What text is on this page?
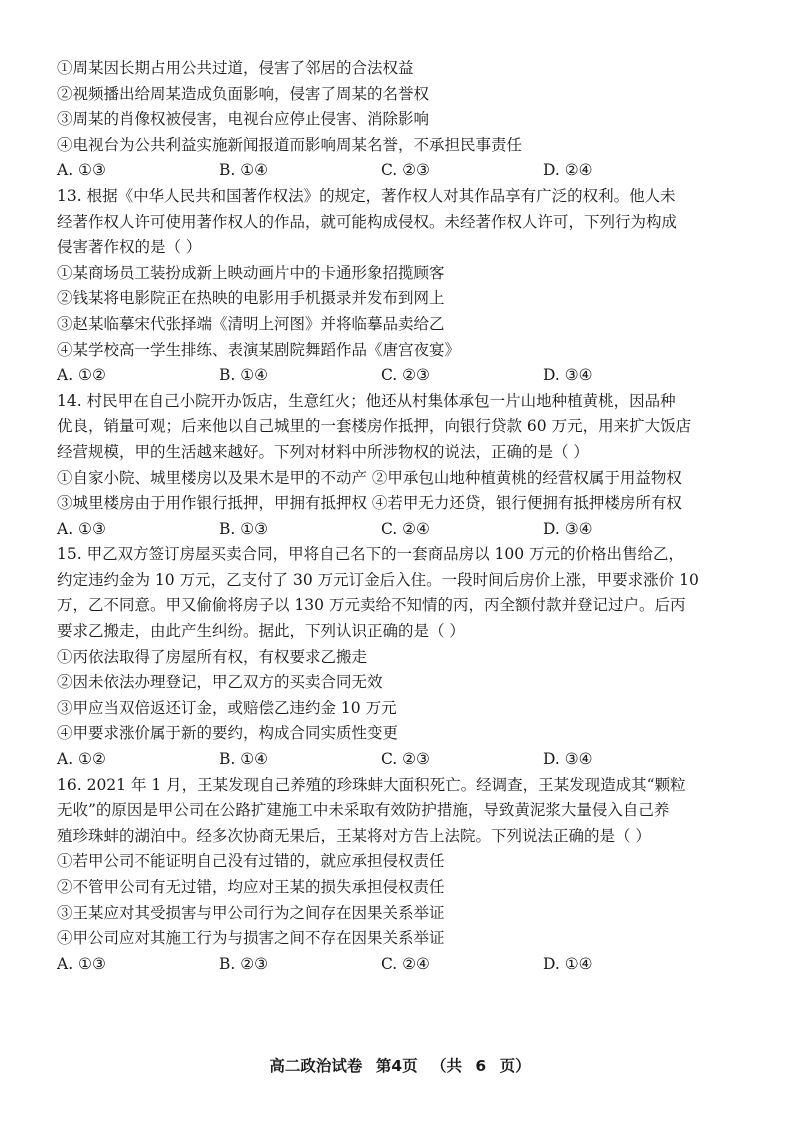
①周某因长期占用公共过道，侵害了邻居的合法权益
②视频播出给周某造成负面影响，侵害了周某的名誉权
③周某的肖像权被侵害，电视台应停止侵害、消除影响
④电视台为公共利益实施新闻报道而影响周某名誉，不承担民事责任
A. ①③	B. ①④	C. ②③	D. ②④
13. 根据《中华人民共和国著作权法》的规定，著作权人对其作品享有广泛的权利。他人未
经著作权人许可使用著作权人的作品，就可能构成侵权。未经著作权人许可，下列行为构成
侵害著作权的是（ ）
①某商场员工装扮成新上映动画片中的卡通形象招揽顾客
②钱某将电影院正在热映的电影用手机摄录并发布到网上
③赵某临摹宋代张择端《清明上河图》并将临摹品卖给乙
④某学校高一学生排练、表演某剧院舞蹈作品《唐宫夜宴》
A. ①②	B. ①④	C. ②③	D. ③④
14. 村民甲在自己小院开办饭店，生意红火；他还从村集体承包一片山地种植黄桃，因品种
优良，销量可观；后来他以自己城里的一套楼房作抵押，向银行贷款 60 万元，用来扩大饭店
经营规模，甲的生活越来越好。下列对材料中所涉物权的说法，正确的是（ ）
①自家小院、城里楼房以及果木是甲的不动产 ②甲承包山地种植黄桃的经营权属于用益物权
③城里楼房由于用作银行抵押，甲拥有抵押权 ④若甲无力还贷，银行便拥有抵押楼房所有权
A. ①③	B. ①③	C. ②④	D. ③④
15. 甲乙双方签订房屋买卖合同，甲将自己名下的一套商品房以 100 万元的价格出售给乙，
约定违约金为 10 万元，乙支付了 30 万元订金后入住。一段时间后房价上涨，甲要求涨价 10
万，乙不同意。甲又偷偷将房子以 130 万元卖给不知情的丙，丙全额付款并登记过户。后丙
要求乙搬走，由此产生纠纷。据此，下列认识正确的是（ ）
①丙依法取得了房屋所有权，有权要求乙搬走
②因未依法办理登记，甲乙双方的买卖合同无效
③甲应当双倍返还订金，或赔偿乙违约金 10 万元
④甲要求涨价属于新的要约，构成合同实质性变更
A. ①②	B. ①④	C. ②③	D. ③④
16. 2021 年 1 月，王某发现自己养殖的珍珠蚌大面积死亡。经调查，王某发现造成其“颗粒
无收”的原因是甲公司在公路扩建施工中未采取有效防护措施，导致黄泥浆大量侵入自己养
殖珍珠蚌的湖泊中。经多次协商无果后，王某将对方告上法院。下列说法正确的是（ ）
①若甲公司不能证明自己没有过错的，就应承担侵权责任
②不管甲公司有无过错，均应对王某的损失承担侵权责任
③王某应对其受损害与甲公司行为之间存在因果关系举证
④甲公司应对其施工行为与损害之间不存在因果关系举证
A. ①③	B. ②③	C. ②④	D. ①④
高二政治试卷 第4页 （共 6 页）
